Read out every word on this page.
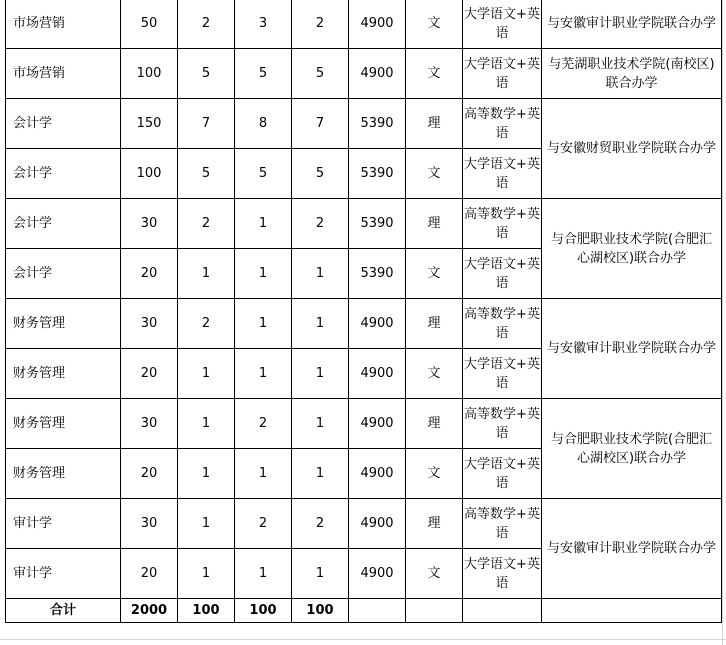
市场营销	50	2	3	2	4900	文	大学语文+英语	与安徽审计职业学院联合办学
市场营销	100	5	5	5	4900	文	大学语文+英语	与芜湖职业技术学院(南校区)联合办学
会计学	150	7	8	7	5390	理	高等数学+英语	与安徽财贸职业学院联合办学
会计学	100	5	5	5	5390	文	大学语文+英语	
会计学	30	2	1	2	5390	理	高等数学+英语	与合肥职业技术学院(合肥汇心湖校区)联合办学
会计学	20	1	1	1	5390	文	大学语文+英语	
财务管理	30	2	1	1	4900	理	高等数学+英语	与安徽审计职业学院联合办学
财务管理	20	1	1	1	4900	文	大学语文+英语	
财务管理	30	1	2	1	4900	理	高等数学+英语	与合肥职业技术学院(合肥汇心湖校区)联合办学
财务管理	20	1	1	1	4900	文	大学语文+英语	
审计学	30	1	2	2	4900	理	高等数学+英语	与安徽审计职业学院联合办学
审计学	20	1	1	1	4900	文	大学语文+英语	
合计	2000	100	100	100				
